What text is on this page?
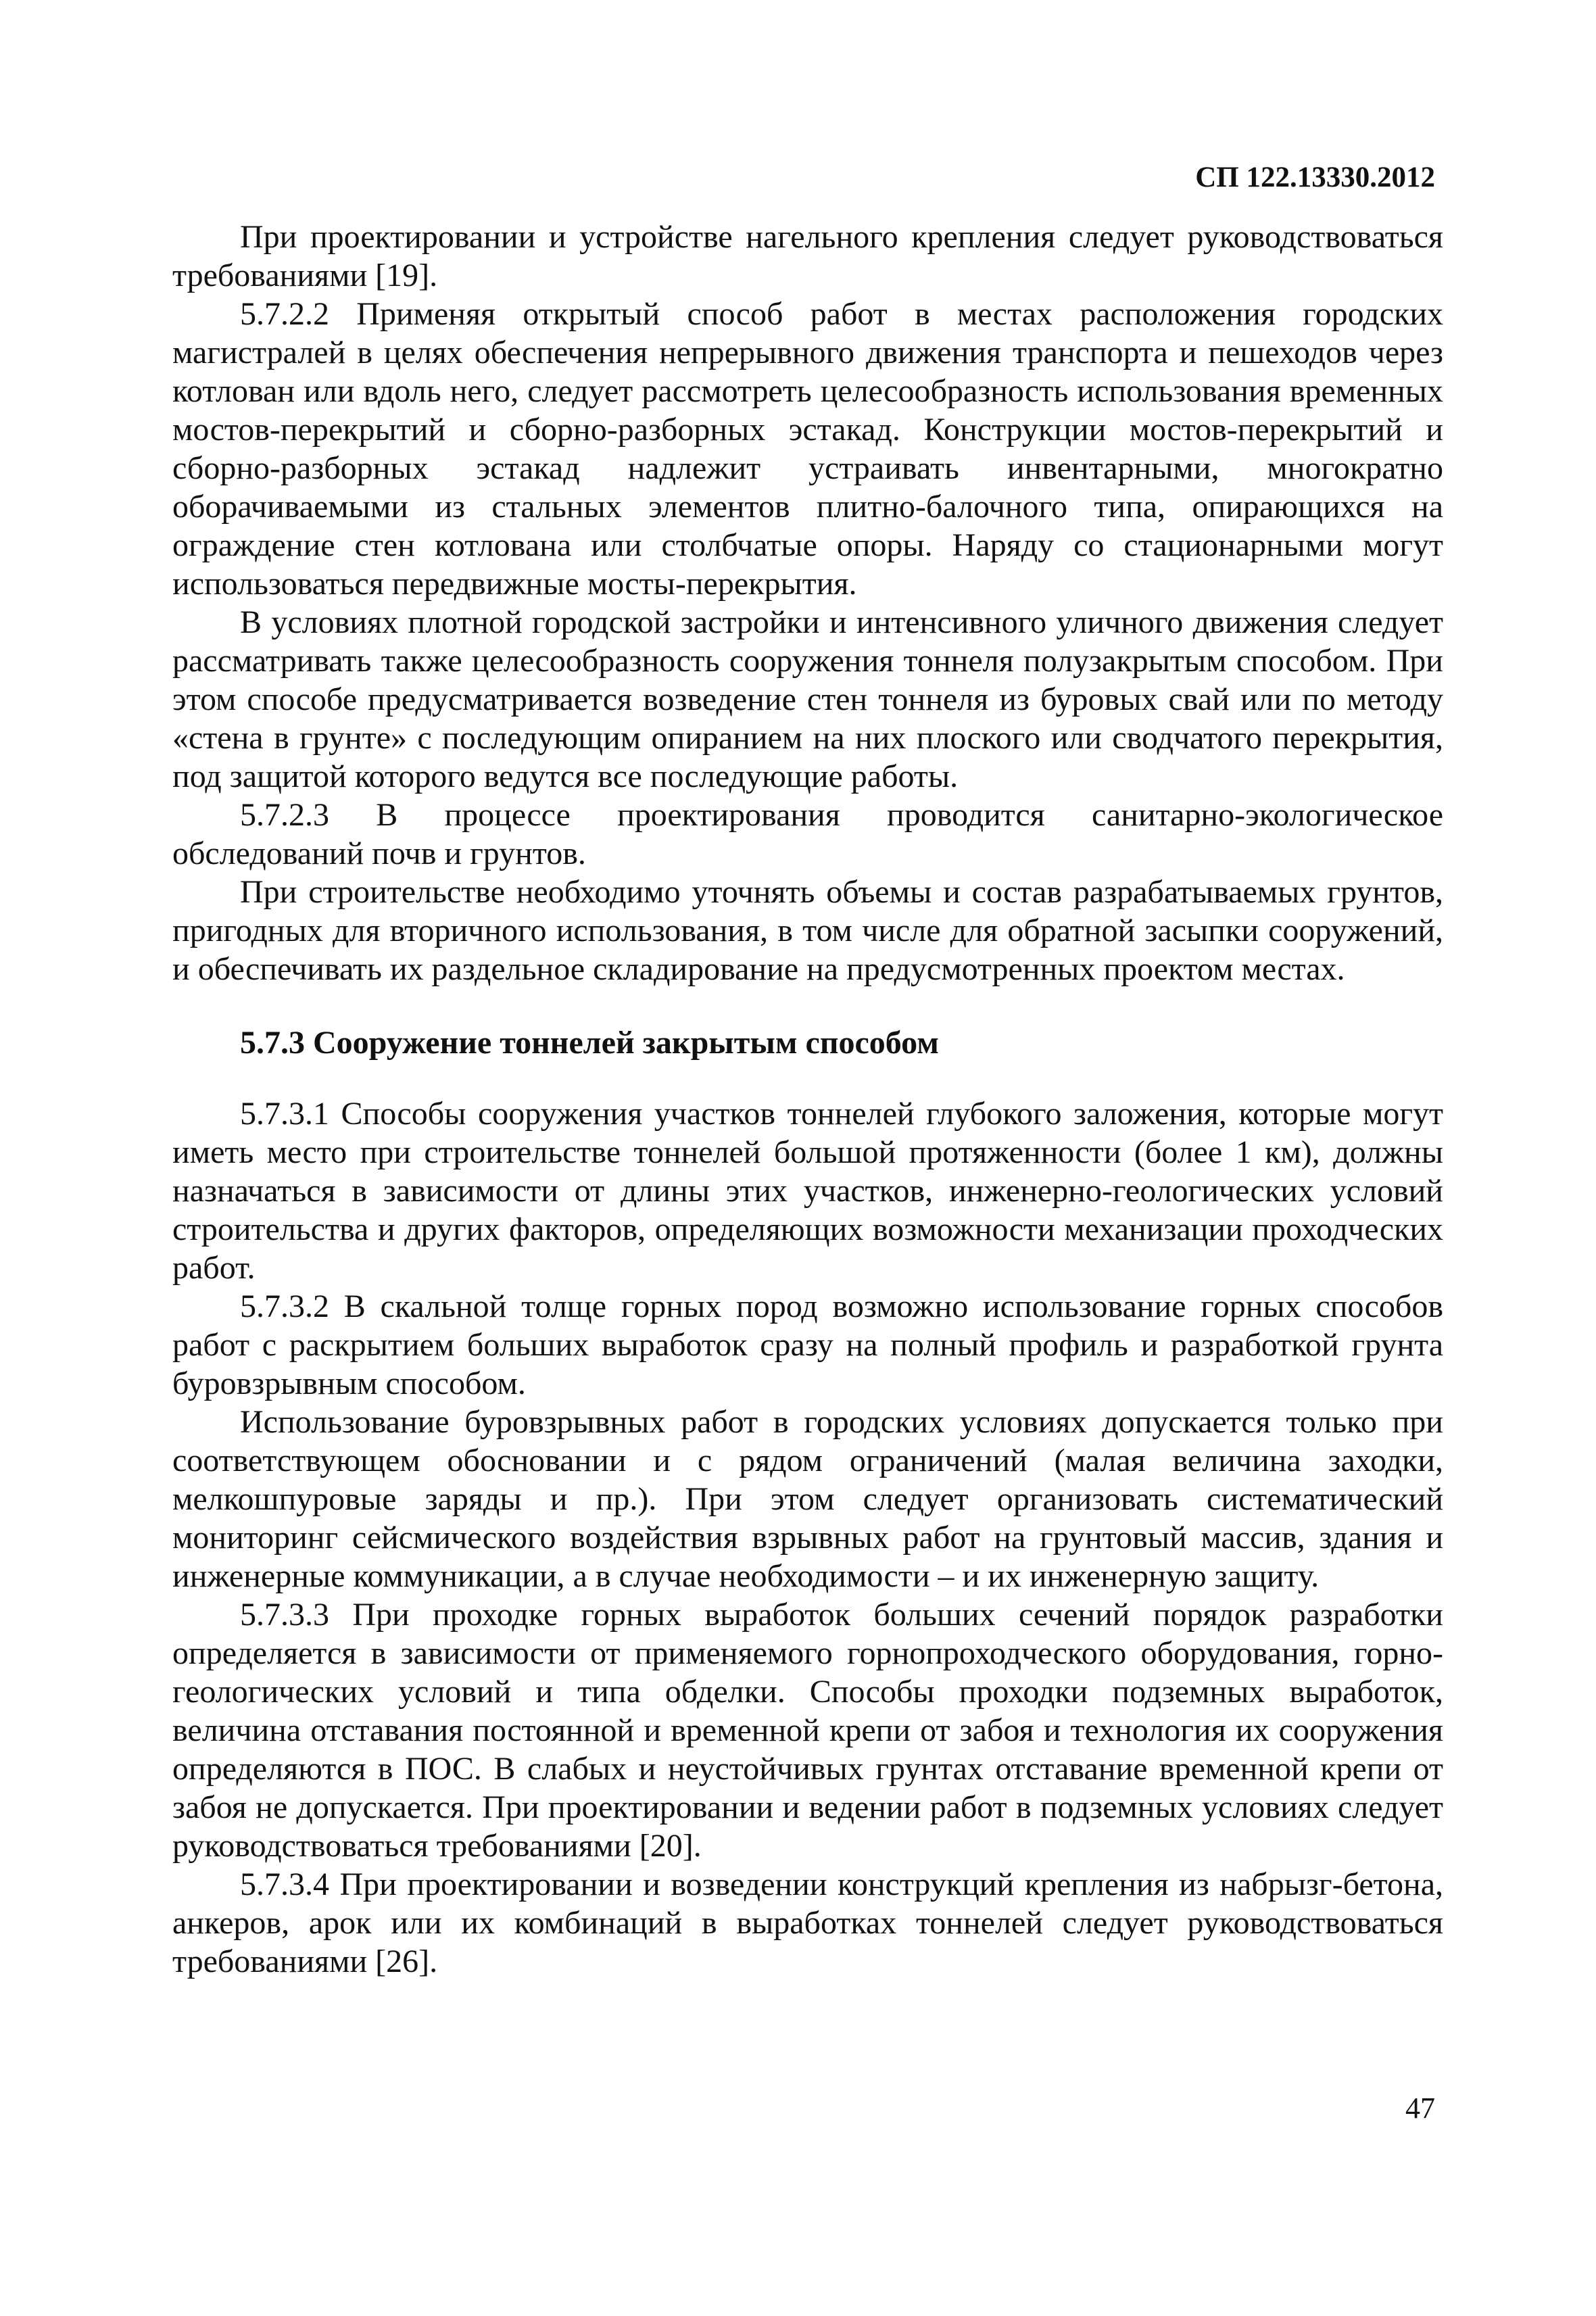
СП 122.13330.2012

При проектировании и устройстве нагельного крепления следует руководствоваться требованиями [19].

5.7.2.2 Применяя открытый способ работ в местах расположения городских магистралей в целях обеспечения непрерывного движения транспорта и пешеходов через котлован или вдоль него, следует рассмотреть целесообразность использования временных мостов-перекрытий и сборно-разборных эстакад. Конструкции мостов-перекрытий и сборно-разборных эстакад надлежит устраивать инвентарными, многократно оборачиваемыми из стальных элементов плитно-балочного типа, опирающихся на ограждение стен котлована или столбчатые опоры. Наряду со стационарными могут использоваться передвижные мосты-перекрытия.

В условиях плотной городской застройки и интенсивного уличного движения следует рассматривать также целесообразность сооружения тоннеля полузакрытым способом. При этом способе предусматривается возведение стен тоннеля из буровых свай или по методу «стена в грунте» с последующим опиранием на них плоского или сводчатого перекрытия, под защитой которого ведутся все последующие работы.

5.7.2.3 В процессе проектирования проводится санитарно-экологическое обследований почв и грунтов.

При строительстве необходимо уточнять объемы и состав разрабатываемых грунтов, пригодных для вторичного использования, в том числе для обратной засыпки сооружений, и обеспечивать их раздельное складирование на предусмотренных проектом местах.

5.7.3 Сооружение тоннелей закрытым способом

5.7.3.1 Способы сооружения участков тоннелей глубокого заложения, которые могут иметь место при строительстве тоннелей большой протяженности (более 1 км), должны назначаться в зависимости от длины этих участков, инженерно-геологических условий строительства и других факторов, определяющих возможности механизации проходческих работ.

5.7.3.2 В скальной толще горных пород возможно использование горных способов работ с раскрытием больших выработок сразу на полный профиль и разработкой грунта буровзрывным способом.

Использование буровзрывных работ в городских условиях допускается только при соответствующем обосновании и с рядом ограничений (малая величина заходки, мелкошпуровые заряды и пр.). При этом следует организовать систематический мониторинг сейсмического воздействия взрывных работ на грунтовый массив, здания и инженерные коммуникации, а в случае необходимости – и их инженерную защиту.

5.7.3.3 При проходке горных выработок больших сечений порядок разработки определяется в зависимости от применяемого горнопроходческого оборудования, горно-геологических условий и типа обделки. Способы проходки подземных выработок, величина отставания постоянной и временной крепи от забоя и технология их сооружения определяются в ПОС. В слабых и неустойчивых грунтах отставание временной крепи от забоя не допускается. При проектировании и ведении работ в подземных условиях следует руководствоваться требованиями [20].

5.7.3.4 При проектировании и возведении конструкций крепления из набрызг-бетона, анкеров, арок или их комбинаций в выработках тоннелей следует руководствоваться требованиями [26].

47
